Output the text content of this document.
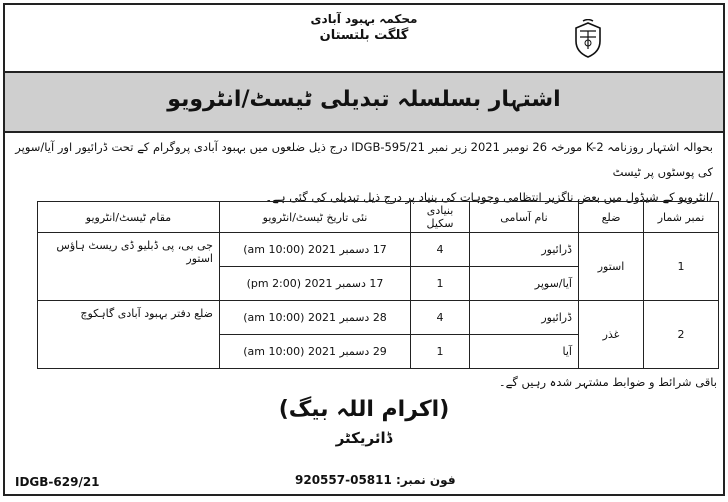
محکمہ بہبود آبادی
گلگت بلتستان
اشتہار بسلسلہ تبدیلی ٹیسٹ/انٹرویو
بحوالہ اشتہار روزنامہ K-2 مورخہ 26 نومبر 2021 زیر نمبر IDGB-595/21 درج ذیل ضلعوں میں بہبود آبادی پروگرام کے تحت ڈرائیور اور آیا/سوپر کی پوسٹوں پر ٹیسٹ
/انٹرویو کے شیڈول میں بعض ناگزیر انتظامی وجوہات کی بنیاد پر درج ذیل تبدیلی کی گئی ہے۔
نمبر شمار	ضلع	نام آسامی	بنیادی سکیل	نئی تاریخ ٹیسٹ/انٹرویو	مقام ٹیسٹ/انٹرویو
1	استور	ڈرائیور	4	17 دسمبر 2021 (10:00 am)	جی بی، پی ڈبلیو ڈی ریسٹ ہاؤس استور
		آیا/سوپر	1	17 دسمبر 2021 (2:00 pm)	
2	غذر	ڈرائیور	4	28 دسمبر 2021 (10:00 am)	ضلع دفتر بہبود آبادی گاہکوچ
		آیا	1	29 دسمبر 2021 (10:00 am)	
باقی شرائط و ضوابط مشتہر شدہ رہیں گے۔
(اکرام اللہ بیگ)
ڈائریکٹر
فون نمبر: 05811-920557
IDGB-629/21
